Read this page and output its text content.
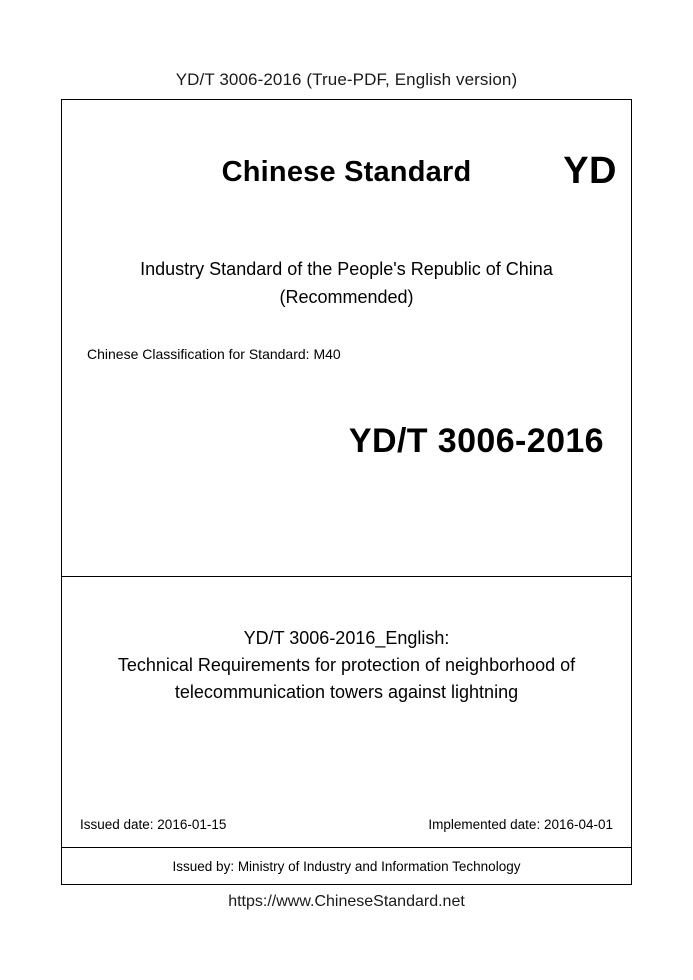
YD/T 3006-2016 (True-PDF, English version)
Chinese Standard	YD
Industry Standard of the People's Republic of China
(Recommended)
Chinese Classification for Standard: M40
YD/T 3006-2016
YD/T 3006-2016_English:
Technical Requirements for protection of neighborhood of
telecommunication towers against lightning
Issued date: 2016-01-15	Implemented date: 2016-04-01
Issued by: Ministry of Industry and Information Technology
https://www.ChineseStandard.net
